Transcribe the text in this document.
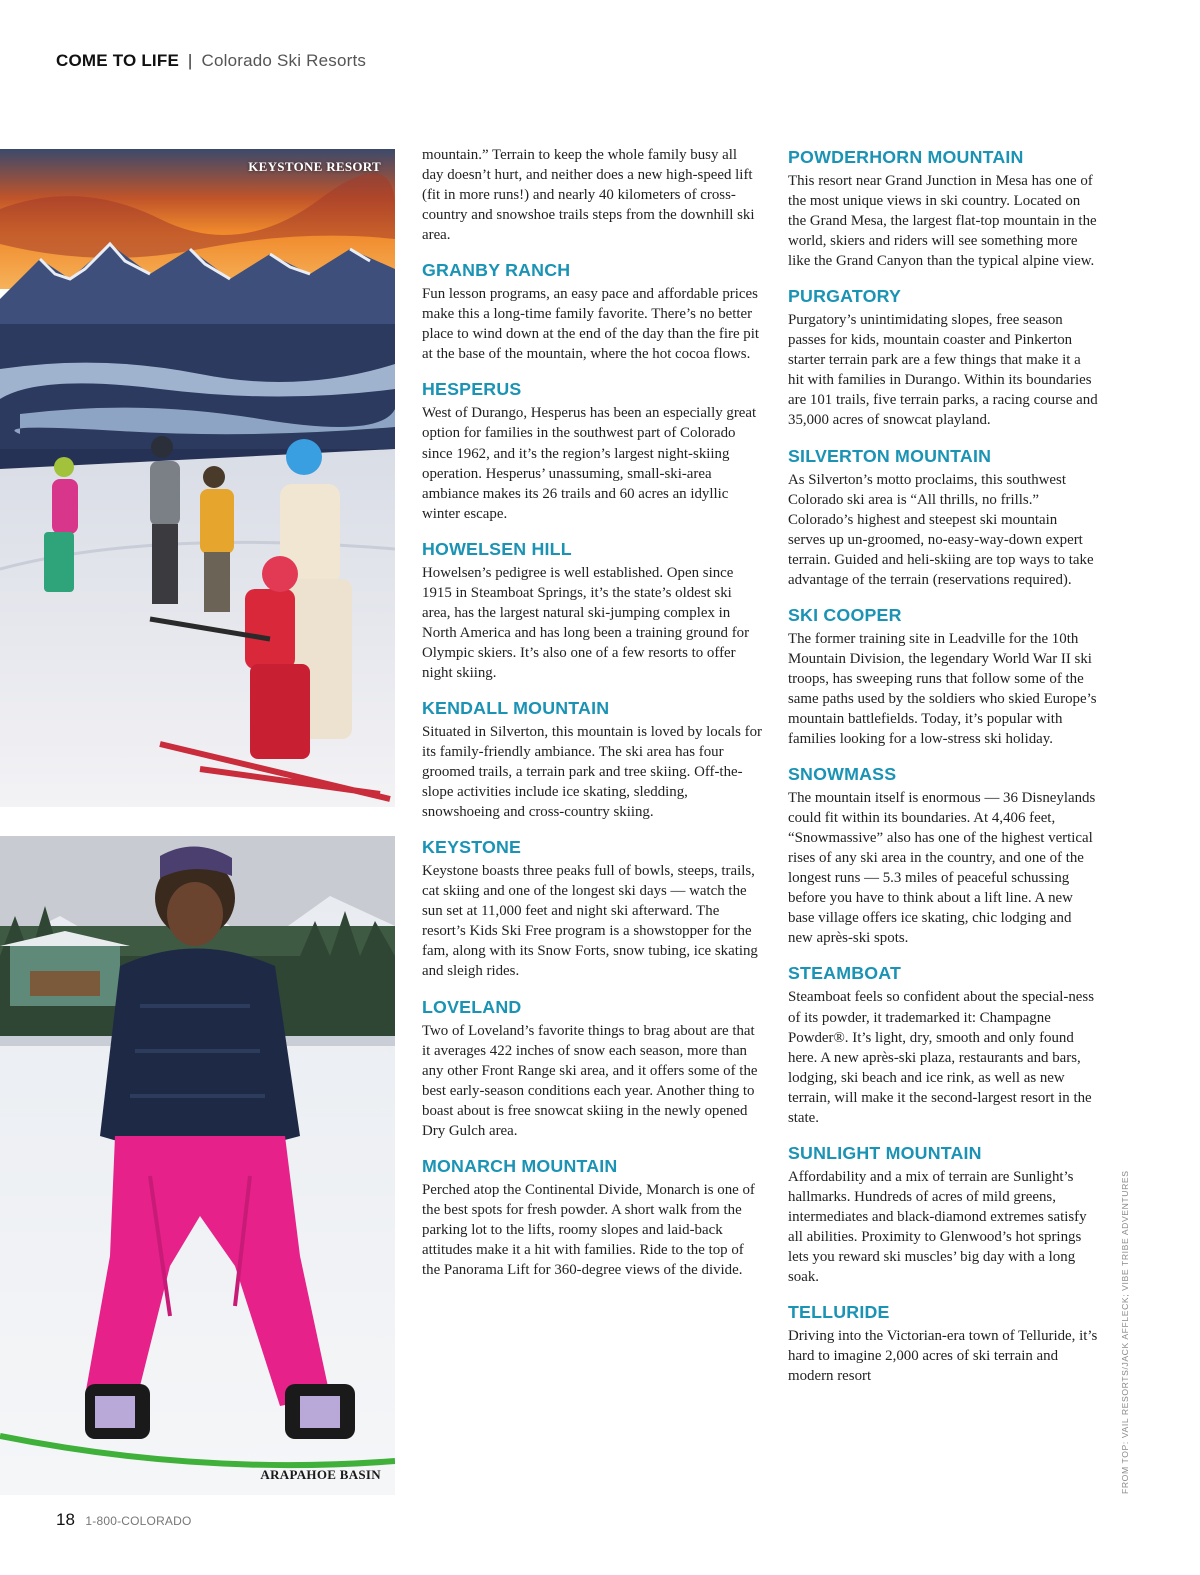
COME TO LIFE | Colorado Ski Resorts
KEYSTONE RESORT
ARAPAHOE BASIN

mountain.” Terrain to keep the whole family busy all day doesn’t hurt, and neither does a new high-speed lift (fit in more runs!) and nearly 40 kilometers of cross-country and snowshoe trails steps from the downhill ski area.

GRANBY RANCH

Fun lesson programs, an easy pace and affordable prices make this a long-time family favorite. There’s no better place to wind down at the end of the day than the fire pit at the base of the mountain, where the hot cocoa flows.

HESPERUS

West of Durango, Hesperus has been an especially great option for families in the southwest part of Colorado since 1962, and it’s the region’s largest night-skiing operation. Hesperus’ unassuming, small-ski-area ambiance makes its 26 trails and 60 acres an idyllic winter escape.

HOWELSEN HILL

Howelsen’s pedigree is well established. Open since 1915 in Steamboat Springs, it’s the state’s oldest ski area, has the largest natural ski-jumping complex in North America and has long been a training ground for Olympic skiers. It’s also one of a few resorts to offer night skiing.

KENDALL MOUNTAIN

Situated in Silverton, this mountain is loved by locals for its family-friendly ambiance. The ski area has four groomed trails, a terrain park and tree skiing. Off-the-slope activities include ice skating, sledding, snowshoeing and cross-country skiing.

KEYSTONE

Keystone boasts three peaks full of bowls, steeps, trails, cat skiing and one of the longest ski days — watch the sun set at 11,000 feet and night ski afterward. The resort’s Kids Ski Free program is a showstopper for the fam, along with its Snow Forts, snow tubing, ice skating and sleigh rides.

LOVELAND

Two of Loveland’s favorite things to brag about are that it averages 422 inches of snow each season, more than any other Front Range ski area, and it offers some of the best early-season conditions each year. Another thing to boast about is free snowcat skiing in the newly opened Dry Gulch area.

MONARCH MOUNTAIN

Perched atop the Continental Divide, Monarch is one of the best spots for fresh powder. A short walk from the parking lot to the lifts, roomy slopes and laid-back attitudes make it a hit with families. Ride to the top of the Panorama Lift for 360-degree views of the divide.

POWDERHORN MOUNTAIN

This resort near Grand Junction in Mesa has one of the most unique views in ski country. Located on the Grand Mesa, the largest flat-top mountain in the world, skiers and riders will see something more like the Grand Canyon than the typical alpine view.

PURGATORY

Purgatory’s unintimidating slopes, free season passes for kids, mountain coaster and Pinkerton starter terrain park are a few things that make it a hit with families in Durango. Within its boundaries are 101 trails, five terrain parks, a racing course and 35,000 acres of snowcat playland.

SILVERTON MOUNTAIN

As Silverton’s motto proclaims, this southwest Colorado ski area is “All thrills, no frills.” Colorado’s highest and steepest ski mountain serves up un-groomed, no-easy-way-down expert terrain. Guided and heli-skiing are top ways to take advantage of the terrain (reservations required).

SKI COOPER

The former training site in Leadville for the 10th Mountain Division, the legendary World War II ski troops, has sweeping runs that follow some of the same paths used by the soldiers who skied Europe’s mountain battlefields. Today, it’s popular with families looking for a low-stress ski holiday.

SNOWMASS

The mountain itself is enormous — 36 Disneylands could fit within its boundaries. At 4,406 feet, “Snowmassive” also has one of the highest vertical rises of any ski area in the country, and one of the longest runs — 5.3 miles of peaceful schussing before you have to think about a lift line. A new base village offers ice skating, chic lodging and new après-ski spots.

STEAMBOAT

Steamboat feels so confident about the special-ness of its powder, it trademarked it: Champagne Powder®. It’s light, dry, smooth and only found here. A new après-ski plaza, restaurants and bars, lodging, ski beach and ice rink, as well as new terrain, will make it the second-largest resort in the state.

SUNLIGHT MOUNTAIN

Affordability and a mix of terrain are Sunlight’s hallmarks. Hundreds of acres of mild greens, intermediates and black-diamond extremes satisfy all abilities. Proximity to Glenwood’s hot springs lets you reward ski muscles’ big day with a long soak.

TELLURIDE

Driving into the Victorian-era town of Telluride, it’s hard to imagine 2,000 acres of ski terrain and modern resort	FROM TOP: VAIL RESORTS/JACK AFFLECK; VIBE TRIBE ADVENTURES
18 1-800-COLORADO
